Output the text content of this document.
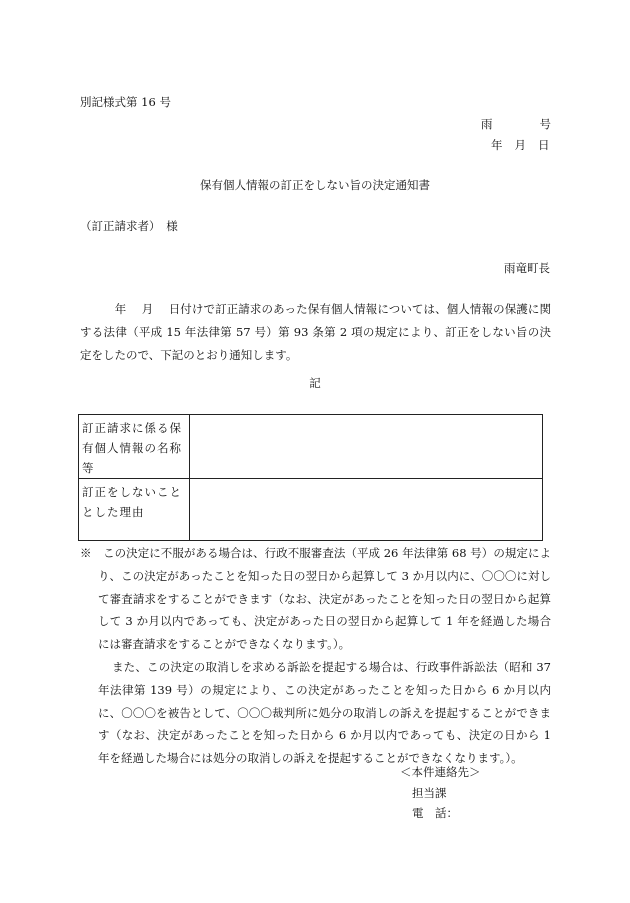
別記様式第 16 号
雨	号
年 月 日
保有個人情報の訂正をしない旨の決定通知書
（訂正請求者）　様
雨竜町長
　　　年　 月　 日付けで訂正請求のあった保有個人情報については、個人情報の保護に関する法律（平成 15 年法律第 57 号）第 93 条第 2 項の規定により、訂正をしない旨の決定をしたので、下記のとおり通知します。
記
訂正請求に係る保有個人情報の名称等	
訂正をしないこととした理由	

※　この決定に不服がある場合は、行政不服審査法（平成 26 年法律第 68 号）の規定により、この決定があったことを知った日の翌日から起算して 3 か月以内に、〇〇〇に対して審査請求をすることができます（なお、決定があったことを知った日の翌日から起算して 3 か月以内であっても、決定があった日の翌日から起算して 1 年を経過した場合には審査請求をすることができなくなります。）。

また、この決定の取消しを求める訴訟を提起する場合は、行政事件訴訟法（昭和 37 年法律第 139 号）の規定により、この決定があったことを知った日から 6 か月以内に、〇〇〇を被告として、〇〇〇裁判所に処分の取消しの訴えを提起することができます（なお、決定があったことを知った日から 6 か月以内であっても、決定の日から 1 年を経過した場合には処分の取消しの訴えを提起することができなくなります。）。

＜本件連絡先＞
担当課
電　話：
